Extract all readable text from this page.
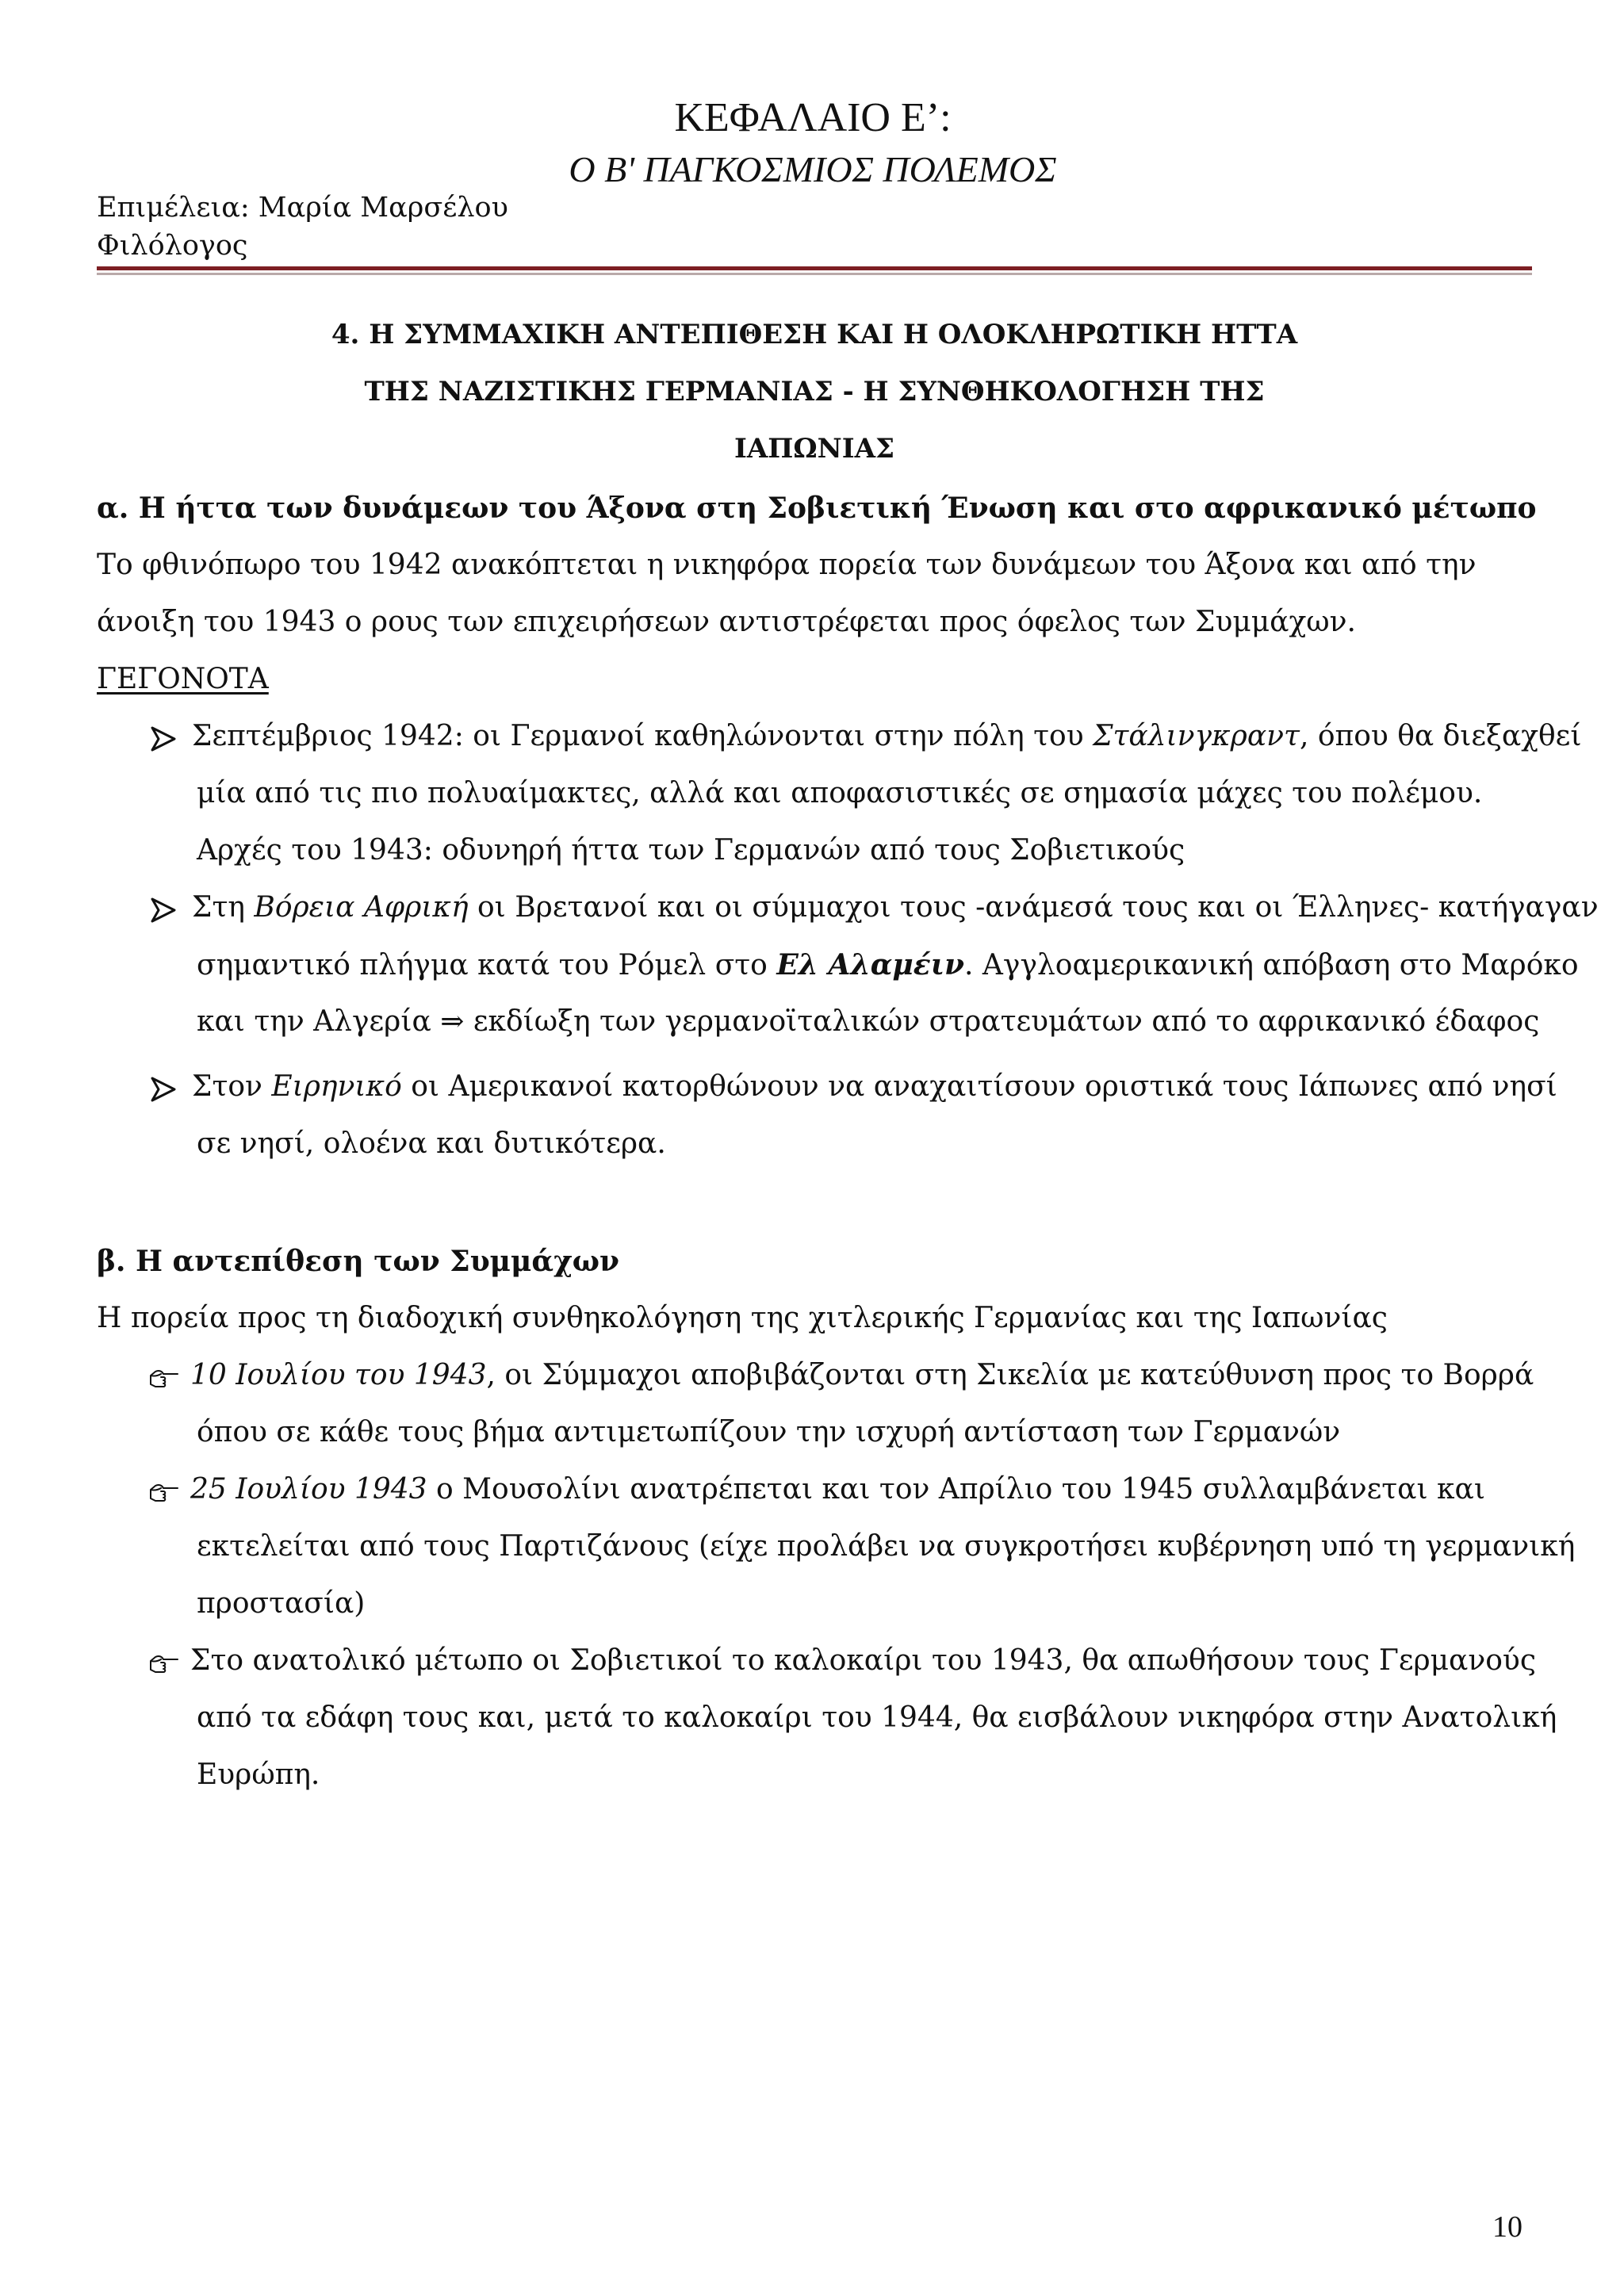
ΚΕΦΑΛΑΙΟ Ε’:
Ο Β' ΠΑΓΚΟΣΜΙΟΣ ΠΟΛΕΜΟΣ
Επιμέλεια: Μαρία Μαρσέλου
Φιλόλογος
4. Η ΣΥΜΜΑΧΙΚΗ ΑΝΤΕΠΙΘΕΣΗ ΚΑΙ Η ΟΛΟΚΛΗΡΩΤΙΚΗ ΗΤΤΑ
ΤΗΣ ΝΑΖΙΣΤΙΚΗΣ ΓΕΡΜΑΝΙΑΣ - Η ΣΥΝΘΗΚΟΛΟΓΗΣΗ ΤΗΣ
ΙΑΠΩΝΙΑΣ
α. Η ήττα των δυνάμεων του Άξονα στη Σοβιετική Ένωση και στο αφρικανικό μέτωπο
Το φθινόπωρο του 1942 ανακόπτεται η νικηφόρα πορεία των δυνάμεων του Άξονα και από την
άνοιξη του 1943 ο ρους των επιχειρήσεων αντιστρέφεται προς όφελος των Συμμάχων.
ΓΕΓΟΝΟΤΑ
Σεπτέμβριος 1942: οι Γερμανοί καθηλώνονται στην πόλη του Στάλινγκραντ, όπου θα διεξαχθεί
μία από τις πιο πολυαίμακτες, αλλά και αποφασιστικές σε σημασία μάχες του πολέμου.
Αρχές του 1943: οδυνηρή ήττα των Γερμανών από τους Σοβιετικούς
Στη Βόρεια Αφρική οι Βρετανοί και οι σύμμαχοι τους -ανάμεσά τους και οι Έλληνες- κατήγαγαν
σημαντικό πλήγμα κατά του Ρόμελ στο Ελ Αλαμέιν. Αγγλοαμερικανική απόβαση στο Μαρόκο
και την Αλγερία ⇒ εκδίωξη των γερμανοϊταλικών στρατευμάτων από το αφρικανικό έδαφος
Στον Ειρηνικό οι Αμερικανοί κατορθώνουν να αναχαιτίσουν οριστικά τους Ιάπωνες από νησί
σε νησί, ολοένα και δυτικότερα.
β. Η αντεπίθεση των Συμμάχων
Η πορεία προς τη διαδοχική συνθηκολόγηση της χιτλερικής Γερμανίας και της Ιαπωνίας
10 Ιουλίου του 1943, οι Σύμμαχοι αποβιβάζονται στη Σικελία με κατεύθυνση προς το Βορρά
όπου σε κάθε τους βήμα αντιμετωπίζουν την ισχυρή αντίσταση των Γερμανών
25 Ιουλίου 1943 ο Μουσολίνι ανατρέπεται και τον Απρίλιο του 1945 συλλαμβάνεται και
εκτελείται από τους Παρτιζάνους (είχε προλάβει να συγκροτήσει κυβέρνηση υπό τη γερμανική
προστασία)
Στο ανατολικό μέτωπο οι Σοβιετικοί το καλοκαίρι του 1943, θα απωθήσουν τους Γερμανούς
από τα εδάφη τους και, μετά το καλοκαίρι του 1944, θα εισβάλουν νικηφόρα στην Ανατολική
Ευρώπη.
10
